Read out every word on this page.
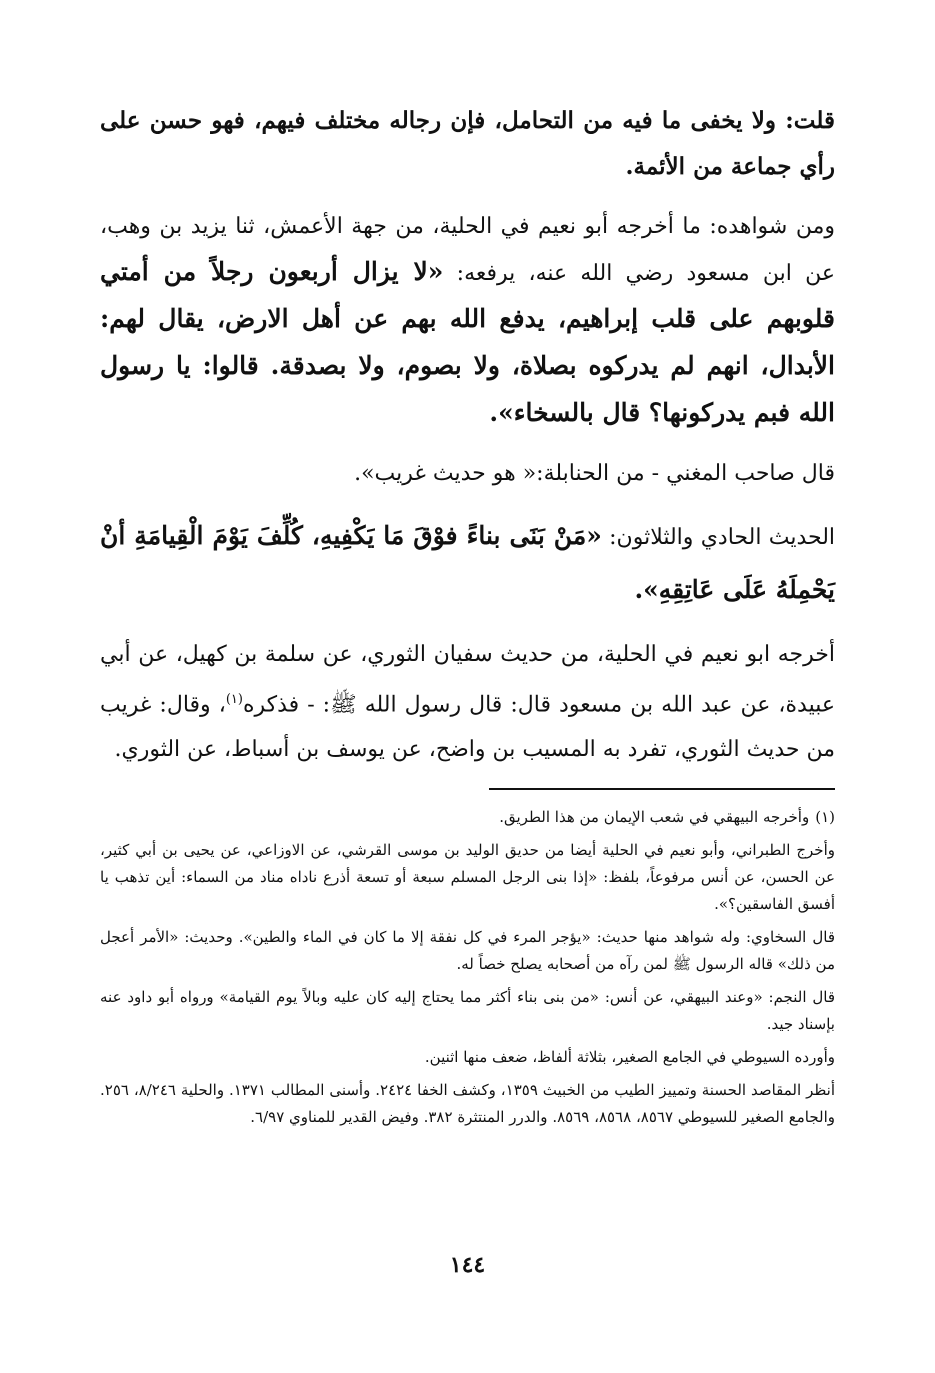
قلت: ولا يخفى ما فيه من التحامل، فإن رجاله مختلف فيهم، فهو حسن على رأي جماعة من الأئمة.

ومن شواهده: ما أخرجه أبو نعيم في الحلية، من جهة الأعمش، ثنا يزيد بن وهب، عن ابن مسعود رضي الله عنه، يرفعه: «لا يزال أربعون رجلاً من أمتي قلوبهم على قلب إبراهيم، يدفع الله بهم عن أهل الارض، يقال لهم: الأبدال، انهم لم يدركوه بصلاة، ولا بصوم، ولا بصدقة. قالوا: يا رسول الله فبم يدركونها؟ قال بالسخاء».

قال صاحب المغني - من الحنابلة:« هو حديث غريب».

الحديث الحادي والثلاثون: «مَنْ بَنَى بناءً فوْقَ مَا يَكْفِيهِ، كُلِّفَ يَوْمَ الْقِيامَةِ أنْ يَحْمِلَهُ عَلَى عَاتِقِهِ».

أخرجه ابو نعيم في الحلية، من حديث سفيان الثوري، عن سلمة بن كهيل، عن أبي عبيدة، عن عبد الله بن مسعود قال: قال رسول الله ﷺ: - فذكره$^{(١)}$، وقال: غريب من حديث الثوري، تفرد به المسيب بن واضح، عن يوسف بن أسباط، عن الثوري.

(١)وأخرجه البيهقي في شعب الإيمان من هذا الطريق.

وأخرج الطبراني، وأبو نعيم في الحلية أيضا من حديق الوليد بن موسى القرشي، عن الاوزاعي، عن يحيى بن أبي كثير، عن الحسن، عن أنس مرفوعاً، بلفظ: «إذا بنى الرجل المسلم سبعة أو تسعة أذرع ناداه مناد من السماء: أين تذهب يا أفسق الفاسقين؟».

قال السخاوي: وله شواهد منها حديث: «يؤجر المرء في كل نفقة إلا ما كان في الماء والطين». وحديث: «الأمر أعجل من ذلك» قاله الرسول ﷺ لمن رآه من أصحابه يصلح خصاً له.

قال النجم: «وعند البيهقي، عن أنس: «من بنى بناء أكثر مما يحتاج إليه كان عليه وبالاً يوم القيامة» ورواه أبو داود عنه بإسناد جيد.

وأورده السيوطي في الجامع الصغير، بثلاثة ألفاظ، ضعف منها اثنين.

أنظر المقاصد الحسنة وتمييز الطيب من الخبيث ١٣٥٩، وكشف الخفا ٢٤٢٤. وأسنى المطالب ١٣٧١. والحلية ٨/٢٤٦، ٢٥٦. والجامع الصغير للسيوطي ٨٥٦٧، ٨٥٦٨، ٨٥٦٩. والدرر المنتثرة ٣٨٢. وفيض القدير للمناوي ٦/٩٧.

١٤٤
